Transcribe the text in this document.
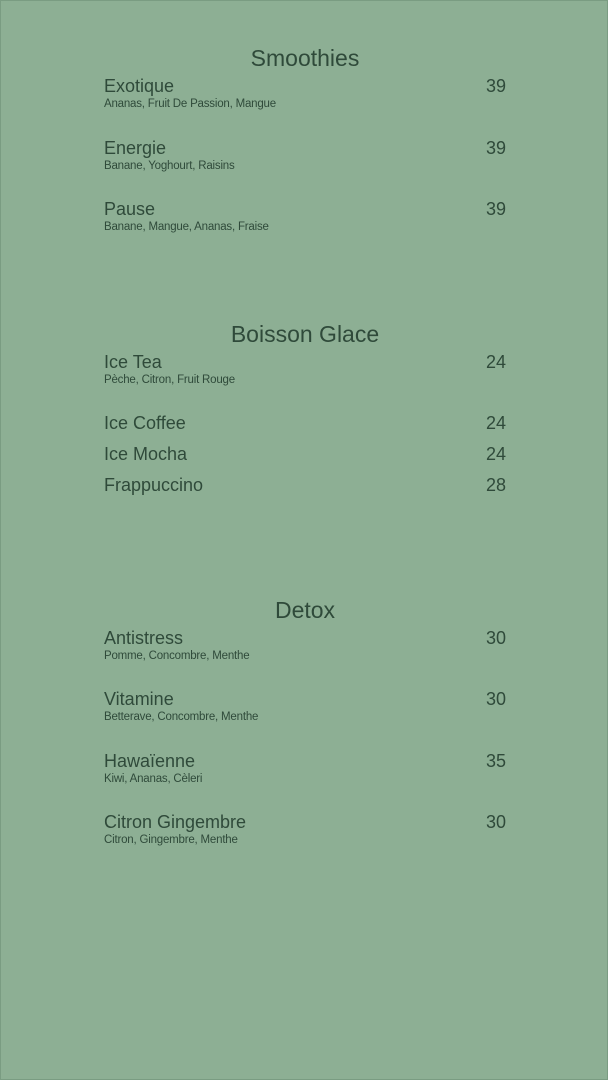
Smoothies
Exotique	39
Ananas, Fruit De Passion, Mangue
Energie	39
Banane, Yoghourt, Raisins
Pause	39
Banane, Mangue, Ananas, Fraise
Boisson Glace
Ice Tea	24
Pèche, Citron, Fruit Rouge
Ice Coffee	24
Ice Mocha	24
Frappuccino	28
Detox
Antistress	30
Pomme, Concombre, Menthe
Vitamine	30
Betterave, Concombre, Menthe
Hawaïenne	35
Kiwi, Ananas, Cèleri
Citron Gingembre	30
Citron, Gingembre, Menthe
